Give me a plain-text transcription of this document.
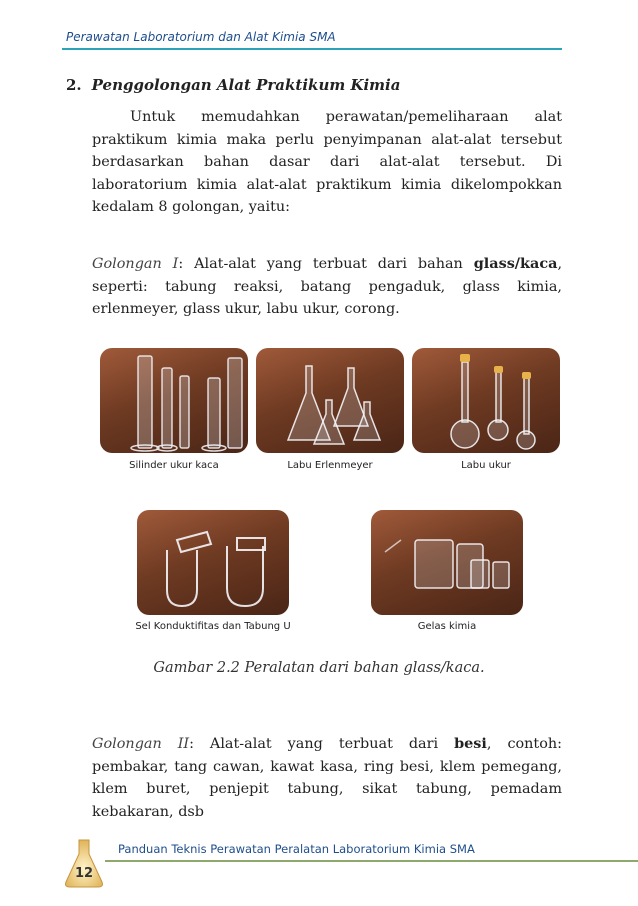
Perawatan Laboratorium dan Alat Kimia SMA
2. Penggolongan Alat Praktikum Kimia

Untuk memudahkan perawatan/pemeliharaan alat praktikum kimia maka perlu penyimpanan alat-alat tersebut berdasarkan bahan dasar dari alat-alat tersebut. Di laboratorium kimia alat-alat praktikum kimia dikelompokkan kedalam 8 golongan, yaitu:

Golongan I: Alat-alat yang terbuat dari bahan glass/kaca, seperti: tabung reaksi, batang pengaduk, glass kimia, erlenmeyer, glass ukur, labu ukur, corong.

Silinder ukur kaca	Labu Erlenmeyer	Labu ukur
Sel Konduktifitas dan Tabung U	Gelas kimia
Gambar 2.2 Peralatan dari bahan glass/kaca.

Golongan II: Alat-alat yang terbuat dari besi, contoh: pembakar, tang cawan, kawat kasa, ring besi, klem pemegang, klem buret, penjepit tabung, sikat tabung, pemadam kebakaran, dsb

12
Panduan Teknis Perawatan Peralatan Laboratorium Kimia SMA
